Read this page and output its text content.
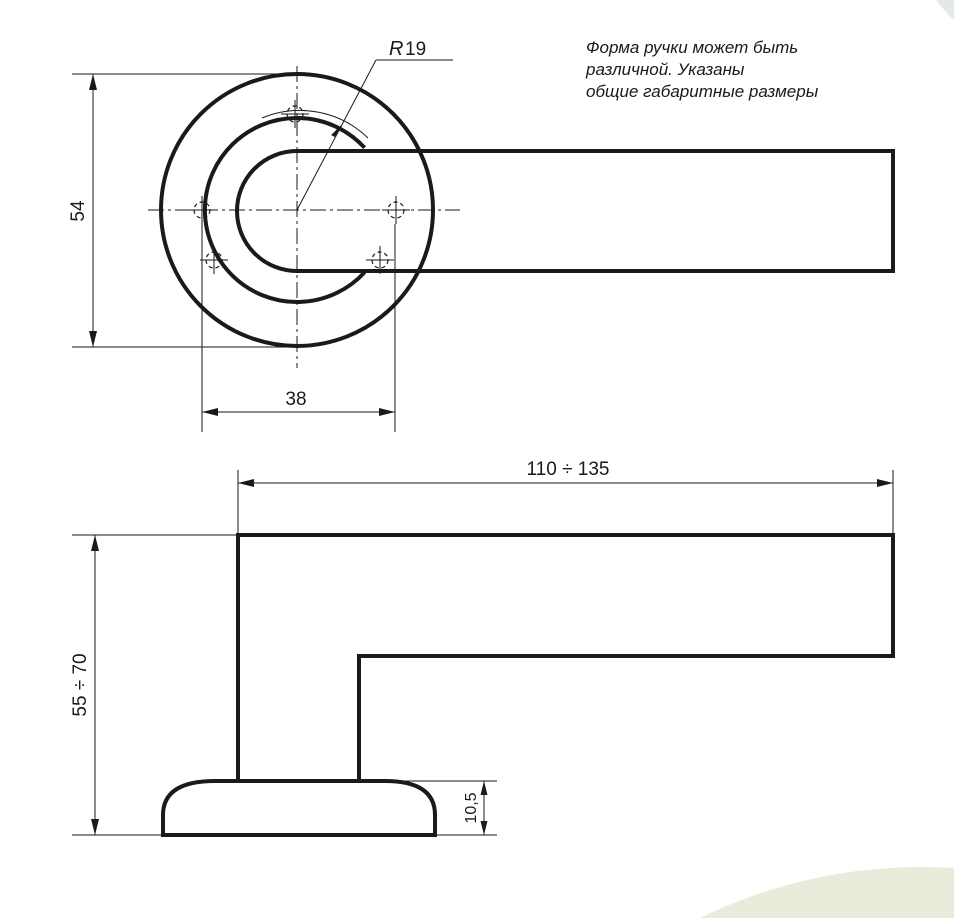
R 19
54
38
Форма ручки может быть
различной. Указаны
общие габаритные размеры
110 ÷ 135
55 ÷ 70
10,5
